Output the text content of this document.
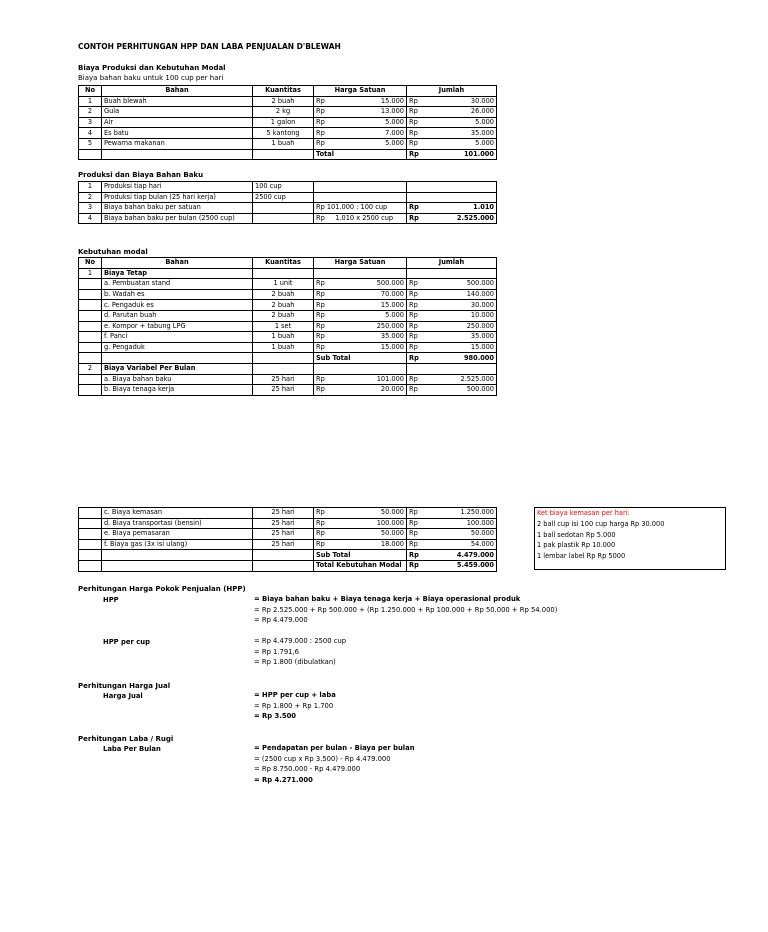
CONTOH PERHITUNGAN HPP DAN LABA PENJUALAN D'BLEWAH
Biaya Produksi dan Kebutuhan Modal
Biaya bahan baku untuk 100 cup per hari
No	Bahan	Kuantitas	Harga Satuan	Jumlah
1	Buah blewah	2 buah	Rp 15.000	Rp 30.000

2	Gula	2 kg	Rp 13.000	Rp 26.000

3	Air	1 galon	Rp 5.000	Rp 5.000

4	Es batu	5 kantong	Rp 7.000	Rp 35.000

5	Pewarna makanan	1 buah	Rp 5.000	Rp 5.000

			Total	Rp 101.000
Produksi dan Biaya Bahan Baku
1	Produksi tiap hari	100 cup		

2	Produksi tiap bulan (25 hari kerja)	2500 cup		

3	Biaya bahan baku per satuan		Rp 101.000 : 100 cup	Rp 1.010

4	Biaya bahan baku per bulan (2500 cup)		Rp     1.010 x 2500 cup	Rp 2.525.000
Kebutuhan modal
No	Bahan	Kuantitas	Harga Satuan	Jumlah
1	Biaya Tetap			
	a. Pembuatan stand	1 unit	Rp 500.000	Rp 500.000

	b. Wadah es	2 buah	Rp 70.000	Rp 140.000

	c. Pengaduk es	2 buah	Rp 15.000	Rp 30.000

	d. Parutan buah	2 buah	Rp 5.000	Rp 10.000

	e. Kompor + tabung LPG	1 set	Rp 250.000	Rp 250.000

	f. Panci	1 buah	Rp 35.000	Rp 35.000

	g. Pengaduk	1 buah	Rp 15.000	Rp 15.000

			Sub Total	Rp 980.000

2	Biaya Variabel Per Bulan			
	a. Biaya bahan baku	25 hari	Rp 101.000	Rp 2.525.000

	b. Biaya tenaga kerja	25 hari	Rp 20.000	Rp 500.000
	c. Biaya kemasan	25 hari	Rp 50.000	Rp 1.250.000

	d. Biaya transportasi (bensin)	25 hari	Rp 100.000	Rp 100.000

	e. Biaya pemasaran	25 hari	Rp 50.000	Rp 50.000

	f. Biaya gas (3x isi ulang)	25 hari	Rp 18.000	Rp 54.000

			Sub Total	Rp 4.479.000

			Total Kebutuhan Modal	Rp 5.459.000
Ket biaya kemasan per hari:
2 ball cup isi 100 cup harga Rp 30.000
1 ball sedotan Rp 5.000
1 pak plastik Rp 10.000
1 lembar label Rp Rp 5000
Perhitungan Harga Pokok Penjualan (HPP)
HPP	= Biaya bahan baku + Biaya tenaga kerja + Biaya operasional produk
= Rp 2.525.000 + Rp 500.000 + (Rp 1.250.000 + Rp 100.000 + Rp 50.000 + Rp 54.000)
= Rp 4.479.000
HPP per cup	= Rp 4.479.000 : 2500 cup
= Rp 1.791,6
= Rp 1.800 (dibulatkan)
Perhitungan Harga Jual
Harga Jual	= HPP per cup + laba
= Rp 1.800 + Rp 1.700
= Rp 3.500
Perhitungan Laba / Rugi
Laba Per Bulan	= Pendapatan per bulan - Biaya per bulan
= (2500 cup x Rp 3.500) - Rp 4.479.000
= Rp 8.750.000 - Rp 4.479.000
= Rp 4.271.000
